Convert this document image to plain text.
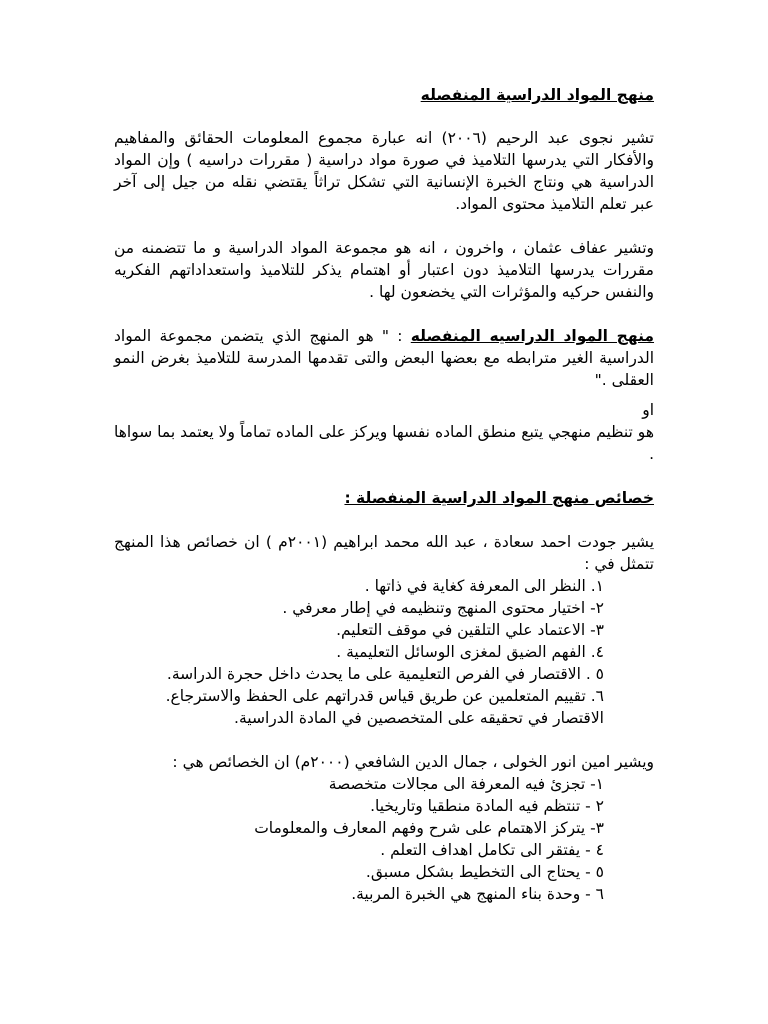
منهج المواد الدراسية المنفصله

تشير نجوى عبد الرحيم (٢٠٠٦) انه عبارة مجموع المعلومات الحقائق والمفاهيم والأفكار التي يدرسها التلاميذ في صورة مواد دراسية ( مقررات دراسيه ) وإن المواد الدراسية هي ونتاج الخبرة الإنسانية التي تشكل تراثاً يقتضي نقله من جيل إلى آخر عبر تعلم التلاميذ محتوى المواد.

وتشير عفاف عثمان ، واخرون ، انه هو مجموعة المواد الدراسية و ما تتضمنه من مقررات يدرسها التلاميذ دون اعتبار أو اهتمام يذكر للتلاميذ واستعداداتهم الفكريه والنفس حركيه والمؤثرات التي يخضعون لها .

منهج المواد الدراسيه المنفصله : " هو المنهج الذي يتضمن مجموعة المواد الدراسية الغير مترابطه مع بعضها البعض والتى تقدمها المدرسة للتلاميذ بغرض النمو العقلى ."

او

هو تنظيم منهجي يتبع منطق الماده نفسها ويركز على الماده تماماً ولا يعتمد بما سواها .

خصائص منهج المواد الدراسية المنفصلة :

يشير جودت احمد سعادة ، عبد الله محمد ابراهيم (٢٠٠١م ) ان خصائص هذا المنهج تتمثل في :

١. النظر الى المعرفة كغاية في ذاتها .
٢- اختيار محتوى المنهج وتنظيمه في إطار معرفي .
٣- الاعتماد علي التلقين في موقف التعليم.
٤. الفهم الضيق لمغزى الوسائل التعليمية .
٥ . الاقتصار في الفرص التعليمية على ما يحدث داخل حجرة الدراسة.
٦. تقييم المتعلمين عن طريق قياس قدراتهم على الحفظ والاسترجاع.
الاقتصار في تحقيقه على المتخصصين في المادة الدراسية.

ويشير امين انور الخولى ، جمال الدين الشافعي (٢٠٠٠م) ان الخصائص هي :

١- تجزئ فيه المعرفة الى مجالات متخصصة
٢ - تنتظم فيه المادة منطقيا وتاريخيا.
٣- يتركز الاهتمام على شرح وفهم المعارف والمعلومات
٤ - يفتقر الى تكامل اهداف التعلم .
٥ - يحتاج الى التخطيط بشكل مسبق.
٦ - وحدة بناء المنهج هي الخبرة المربية.
